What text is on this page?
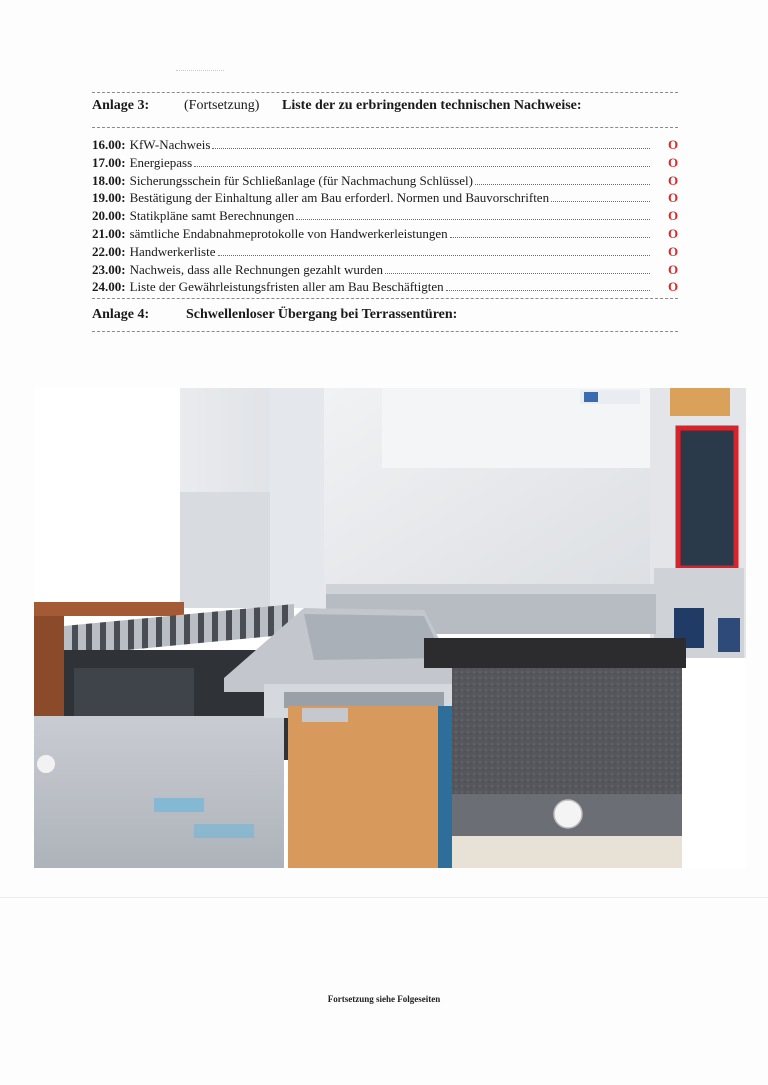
Anlage 3: (Fortsetzung) Liste der zu erbringenden technischen Nachweise:
16.00: KfW-Nachweis	O
17.00: Energiepass	O
18.00: Sicherungsschein für Schließanlage (für Nachmachung Schlüssel)	O
19.00: Bestätigung der Einhaltung aller am Bau erforderl. Normen und Bauvorschriften	O
20.00: Statikpläne samt Berechnungen	O
21.00: sämtliche Endabnahmeprotokolle von Handwerkerleistungen	O
22.00: Handwerkerliste	O
23.00: Nachweis, dass alle Rechnungen gezahlt wurden	O
24.00: Liste der Gewährleistungsfristen aller am Bau Beschäftigten	O
Anlage 4:	Schwellenloser Übergang bei Terrassentüren:
Fortsetzung siehe Folgeseiten
